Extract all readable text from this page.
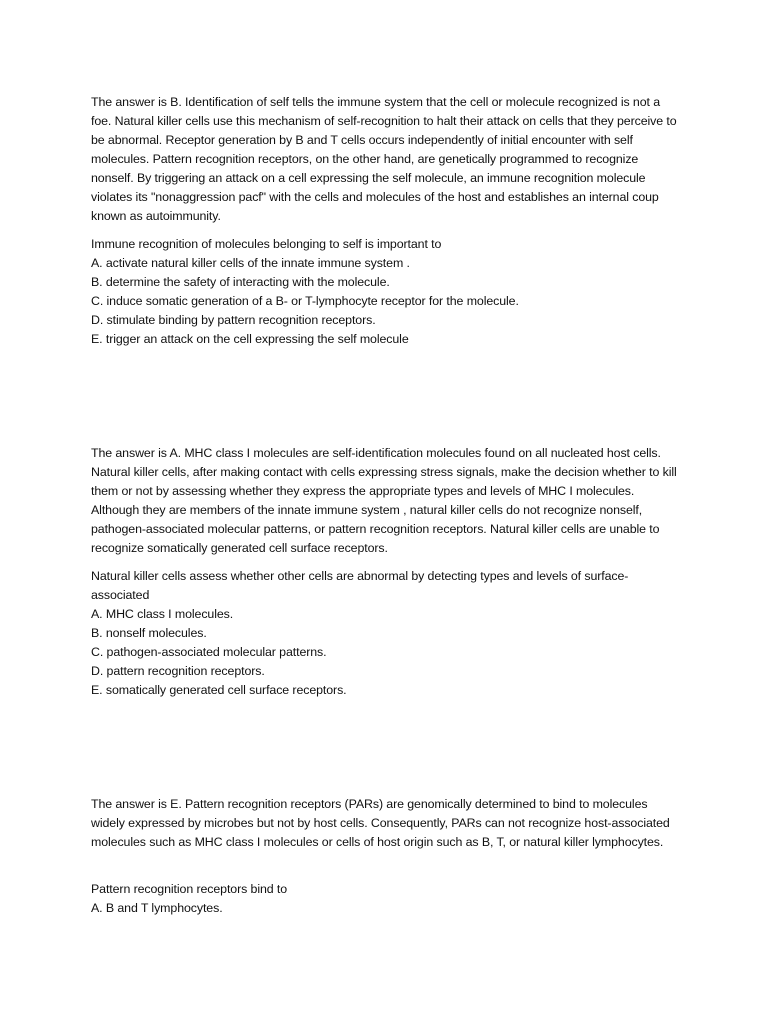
The answer is B. Identification of self tells the immune system that the cell or molecule recognized is not a foe. Natural killer cells use this mechanism of self-recognition to halt their attack on cells that they perceive to be abnormal. Receptor generation by B and T cells occurs independently of initial encounter with self molecules. Pattern recognition receptors, on the other hand, are genetically programmed to recognize nonself. By triggering an attack on a cell expressing the self molecule, an immune recognition molecule violates its "nonaggression pacf" with the cells and molecules of the host and establishes an internal coup known as autoimmunity.

Immune recognition of molecules belonging to self is important to

A. activate natural killer cells of the innate immune system .
B. determine the safety of interacting with the molecule.
C. induce somatic generation of a B- or T-lymphocyte receptor for the molecule.
D. stimulate binding by pattern recognition receptors.
E. trigger an attack on the cell expressing the self molecule

The answer is A. MHC class I molecules are self-identification molecules found on all nucleated host cells. Natural killer cells, after making contact with cells expressing stress signals, make the decision whether to kill them or not by assessing whether they express the appropriate types and levels of MHC I molecules. Although they are members of the innate immune system , natural killer cells do not recognize nonself, pathogen-associated molecular patterns, or pattern recognition receptors. Natural killer cells are unable to recognize somatically generated cell surface receptors.

Natural killer cells assess whether other cells are abnormal by detecting types and levels of surface-associated

A. MHC class I molecules.
B. nonself molecules.
C. pathogen-associated molecular patterns.
D. pattern recognition receptors.
E. somatically generated cell surface receptors.

The answer is E. Pattern recognition receptors (PARs) are genomically determined to bind to molecules widely expressed by microbes but not by host cells. Consequently, PARs can not recognize host-associated molecules such as MHC class I molecules or cells of host origin such as B, T, or natural killer lymphocytes.

Pattern recognition receptors bind to

A. B and T lymphocytes.
